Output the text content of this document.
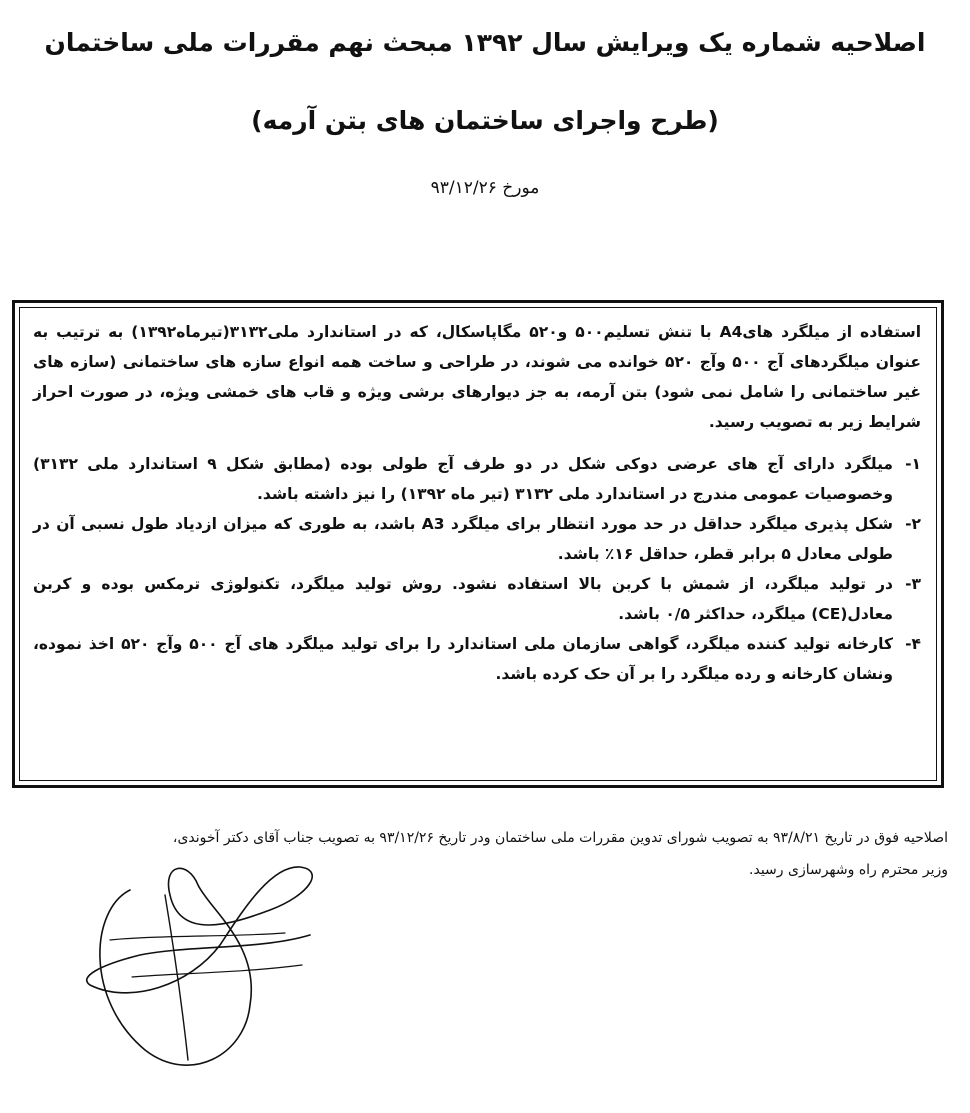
اصلاحیه شماره یک ویرایش سال ۱۳۹۲ مبحث نهم مقررات ملی ساختمان
(طرح واجرای ساختمان های بتن آرمه)

مورخ ۹۳/۱۲/۲۶

استفاده از میلگرد هایA4 با تنش تسلیم۵۰۰ و۵۲۰ مگاپاسکال، که در استاندارد ملی۳۱۳۲(تیرماه۱۳۹۲) به ترتیب به عنوان میلگردهای آج ۵۰۰ وآج ۵۲۰ خوانده می شوند، در طراحی و ساخت همه انواع سازه های ساختمانی (سازه های غیر ساختمانی را شامل نمی شود) بتن آرمه، به جز دیوارهای برشی ویژه و قاب های خمشی ویژه، در صورت احراز شرایط زیر به تصویب رسید.

۱-
میلگرد دارای آج های عرضی دوکی شکل در دو طرف آج طولی بوده (مطابق شکل ۹ استاندارد ملی ۳۱۳۲) وخصوصیات عمومی مندرج در استاندارد ملی ۳۱۳۲ (تیر ماه ۱۳۹۲) را نیز داشته باشد.

۲-
شکل پذیری میلگرد حداقل در حد مورد انتظار برای میلگرد A3 باشد، به طوری که میزان ازدیاد طول نسبی آن در طولی معادل ۵ برابر قطر، حداقل ۱۶٪ باشد.

۳-
در تولید میلگرد، از شمش با کربن بالا استفاده نشود. روش تولید میلگرد، تکنولوژی ترمکس بوده و کربن معادل(CE) میلگرد، حداکثر ۰/۵ باشد.

۴-
کارخانه تولید کننده میلگرد، گواهی سازمان ملی استاندارد را برای تولید میلگرد های آج ۵۰۰ وآج ۵۲۰ اخذ نموده، ونشان کارخانه و رده میلگرد را بر آن حک کرده باشد.

اصلاحیه فوق در تاریخ ۹۳/۸/۲۱ به تصویب شورای تدوین مقررات ملی ساختمان ودر تاریخ ۹۳/۱۲/۲۶ به تصویب جناب آقای دکتر آخوندی،

وزیر محترم راه وشهرسازی رسید.
